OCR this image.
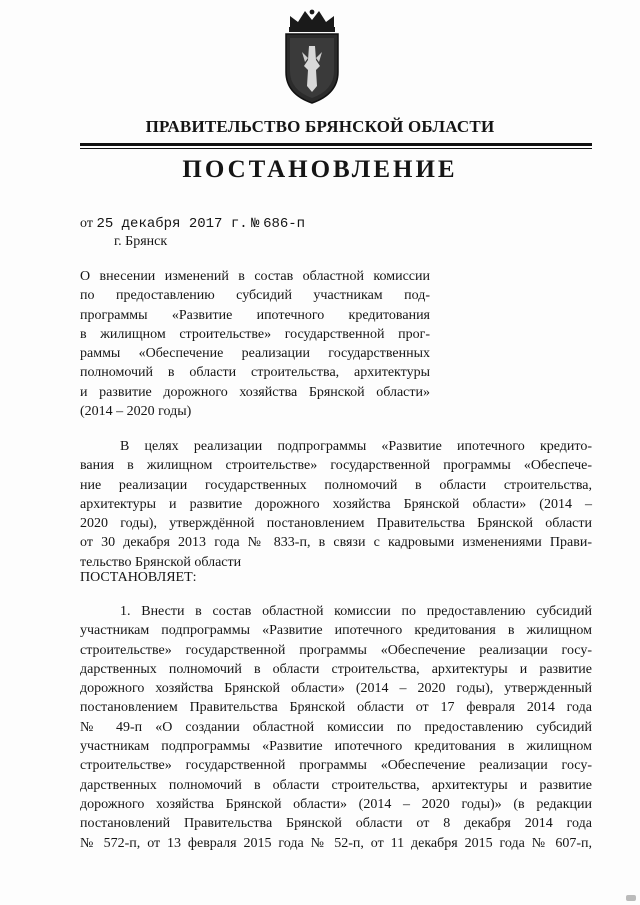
ПРАВИТЕЛЬСТВО БРЯНСКОЙ ОБЛАСТИ

ПОСТАНОВЛЕНИЕ

от 25 декабря 2017 г. № 686-п
г. Брянск

О внесении изменений в состав областной комиссии
по предоставлению субсидий участникам под-
программы «Развитие ипотечного кредитования
в жилищном строительстве» государственной прог-
раммы «Обеспечение реализации государственных
полномочий в области строительства, архитектуры
и развитие дорожного хозяйства Брянской области»
(2014 – 2020 годы)

В целях реализации подпрограммы «Развитие ипотечного кредито-
вания в жилищном строительстве» государственной программы «Обеспече-
ние реализации государственных полномочий в области строительства,
архитектуры и развитие дорожного хозяйства Брянской области» (2014 –
2020 годы), утверждённой постановлением Правительства Брянской области
от 30 декабря 2013 года № 833-п, в связи с кадровыми изменениями Прави-
тельство Брянской области

ПОСТАНОВЛЯЕТ:

1. Внести в состав областной комиссии по предоставлению субсидий
участникам подпрограммы «Развитие ипотечного кредитования в жилищном
строительстве» государственной программы «Обеспечение реализации госу-
дарственных полномочий в области строительства, архитектуры и развитие
дорожного хозяйства Брянской области» (2014 – 2020 годы), утвержденный
постановлением Правительства Брянской области от 17 февраля 2014 года
№ 49-п «О создании областной комиссии по предоставлению субсидий
участникам подпрограммы «Развитие ипотечного кредитования в жилищном
строительстве» государственной программы «Обеспечение реализации госу-
дарственных полномочий в области строительства, архитектуры и развитие
дорожного хозяйства Брянской области» (2014 – 2020 годы)» (в редакции
постановлений Правительства Брянской области от 8 декабря 2014 года
№ 572-п, от 13 февраля 2015 года № 52-п, от 11 декабря 2015 года № 607-п,
